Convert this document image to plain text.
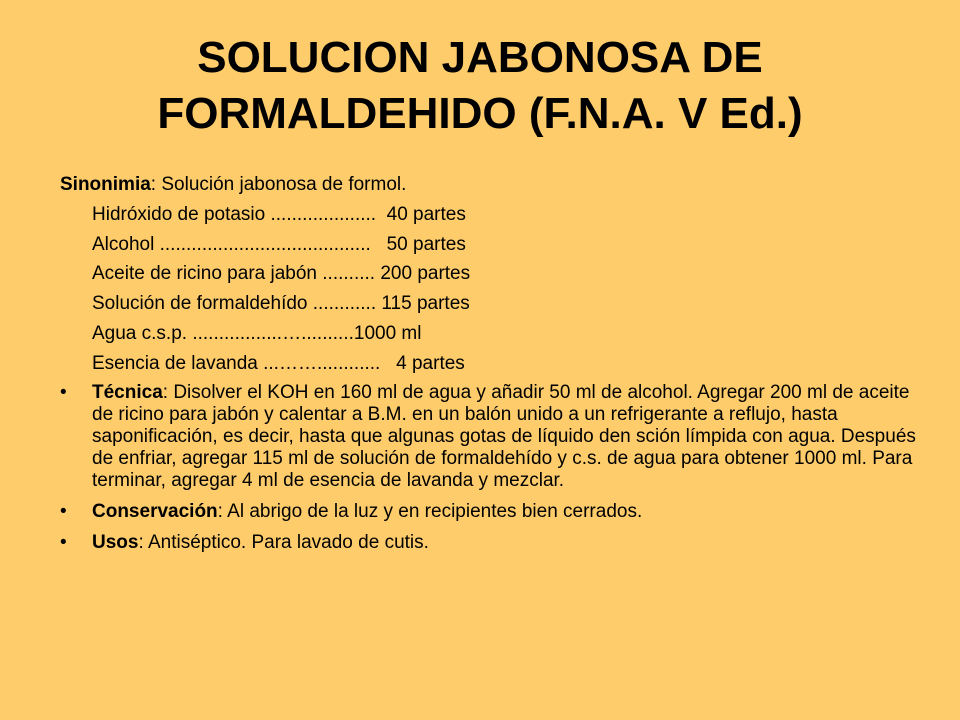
SOLUCION JABONOSA DE
FORMALDEHIDO (F.N.A. V Ed.)
Sinonimia: Solución jabonosa de formol.
Hidróxido de potasio .................... 40 partes
Alcohol ........................................ 50 partes
Aceite de ricino para jabón .......... 200 partes
Solución de formaldehído ............ 115 partes
Agua c.s.p. .................….......... 1000 ml
Esencia de lavanda ...……............ 4 partes
• Técnica: Disolver el KOH en 160 ml de agua y añadir 50 ml de alcohol. Agregar 200 ml de aceite de ricino para jabón y calentar a B.M. en un balón unido a un refrigerante a reflujo, hasta saponificación, es decir, hasta que algunas gotas de líquido den sción límpida con agua. Después de enfriar, agregar 115 ml de solución de formaldehído y c.s. de agua para obtener 1000 ml. Para terminar, agregar 4 ml de esencia de lavanda y mezclar.
• Conservación: Al abrigo de la luz y en recipientes bien cerrados.
• Usos: Antiséptico. Para lavado de cutis.
